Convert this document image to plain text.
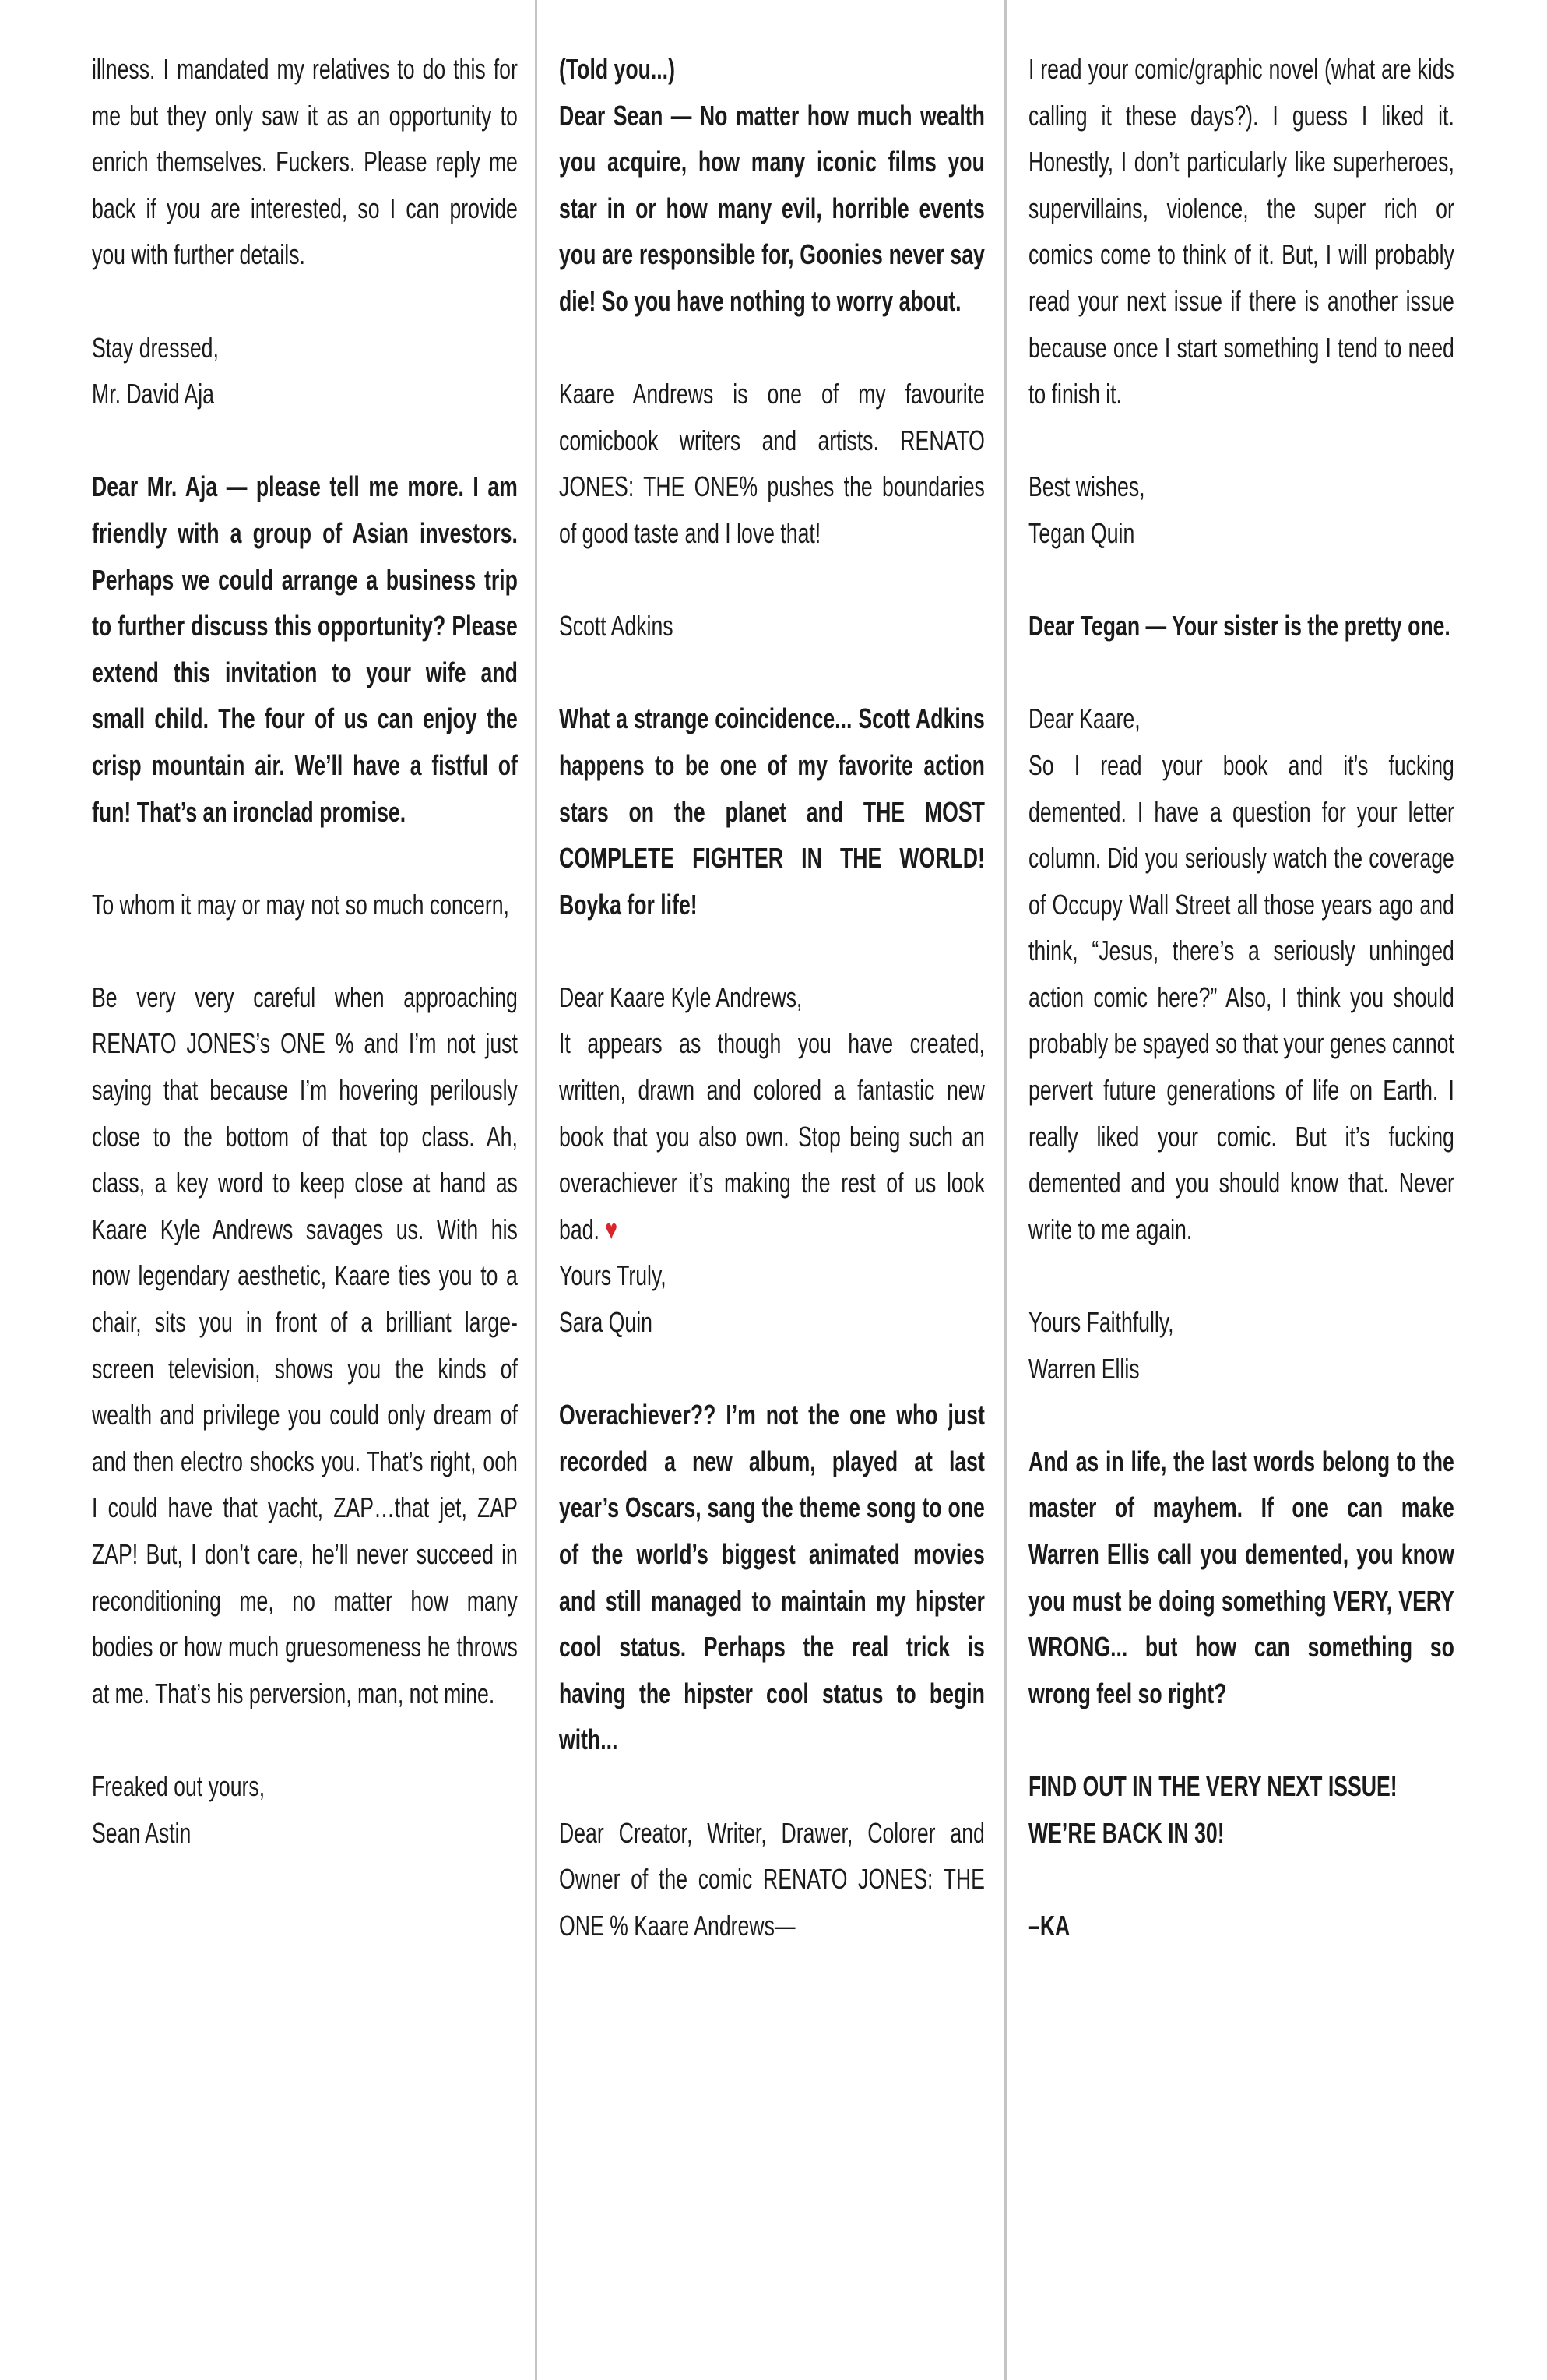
illness. I mandated my relatives to do this for me but they only saw it as an opportunity to enrich themselves. Fuckers. Please reply me back if you are interested, so I can provide you with further details.
Stay dressed,
Mr. David Aja
Dear Mr. Aja — please tell me more. I am friendly with a group of Asian investors. Perhaps we could arrange a business trip to further discuss this opportunity? Please extend this invitation to your wife and small child. The four of us can enjoy the crisp mountain air. We’ll have a fistful of fun! That’s an ironclad promise.
To whom it may or may not so much concern,
Be very very careful when approaching RENATO JONES’s ONE % and I’m not just saying that because I’m hovering perilously close to the bottom of that top class. Ah, class, a key word to keep close at hand as Kaare Kyle Andrews savages us. With his now legendary aesthetic, Kaare ties you to a chair, sits you in front of a brilliant large-screen television, shows you the kinds of wealth and privilege you could only dream of and then electro shocks you. That’s right, ooh I could have that yacht, ZAP…that jet, ZAP ZAP! But, I don’t care, he’ll never succeed in reconditioning me, no matter how many bodies or how much gruesomeness he throws at me. That’s his perversion, man, not mine.
Freaked out yours,
Sean Astin
(Told you...)
Dear Sean — No matter how much wealth you acquire, how many iconic films you star in or how many evil, horrible events you are responsible for, Goonies never say die! So you have nothing to worry about.
Kaare Andrews is one of my favourite comicbook writers and artists. RENATO JONES: THE ONE% pushes the boundaries of good taste and I love that!
Scott Adkins
What a strange coincidence... Scott Adkins happens to be one of my favorite action stars on the planet and THE MOST COMPLETE FIGHTER IN THE WORLD! Boyka for life!
Dear Kaare Kyle Andrews,
It appears as though you have created, written, drawn and colored a fantastic new book that you also own. Stop being such an overachiever it’s making the rest of us look bad. ♥
Yours Truly,
Sara Quin
Overachiever?? I’m not the one who just recorded a new album, played at last year’s Oscars, sang the theme song to one of the world’s biggest animated movies and still managed to maintain my hipster cool status. Perhaps the real trick is having the hipster cool status to begin with...
Dear Creator, Writer, Drawer, Colorer and Owner of the comic RENATO JONES: THE ONE % Kaare Andrews—
I read your comic/graphic novel (what are kids calling it these days?). I guess I liked it. Honestly, I don’t particularly like superheroes, supervillains, violence, the super rich or comics come to think of it. But, I will probably read your next issue if there is another issue because once I start something I tend to need to finish it.
Best wishes,
Tegan Quin
Dear Tegan — Your sister is the pretty one.
Dear Kaare,
So I read your book and it’s fucking demented. I have a question for your letter column. Did you seriously watch the coverage of Occupy Wall Street all those years ago and think, “Jesus, there’s a seriously unhinged action comic here?” Also, I think you should probably be spayed so that your genes cannot pervert future generations of life on Earth. I really liked your comic. But it’s fucking demented and you should know that. Never write to me again.
Yours Faithfully,
Warren Ellis
And as in life, the last words belong to the master of mayhem. If one can make Warren Ellis call you demented, you know you must be doing something VERY, VERY WRONG... but how can something so wrong feel so right?
FIND OUT IN THE VERY NEXT ISSUE! WE’RE BACK IN 30!
–KA
